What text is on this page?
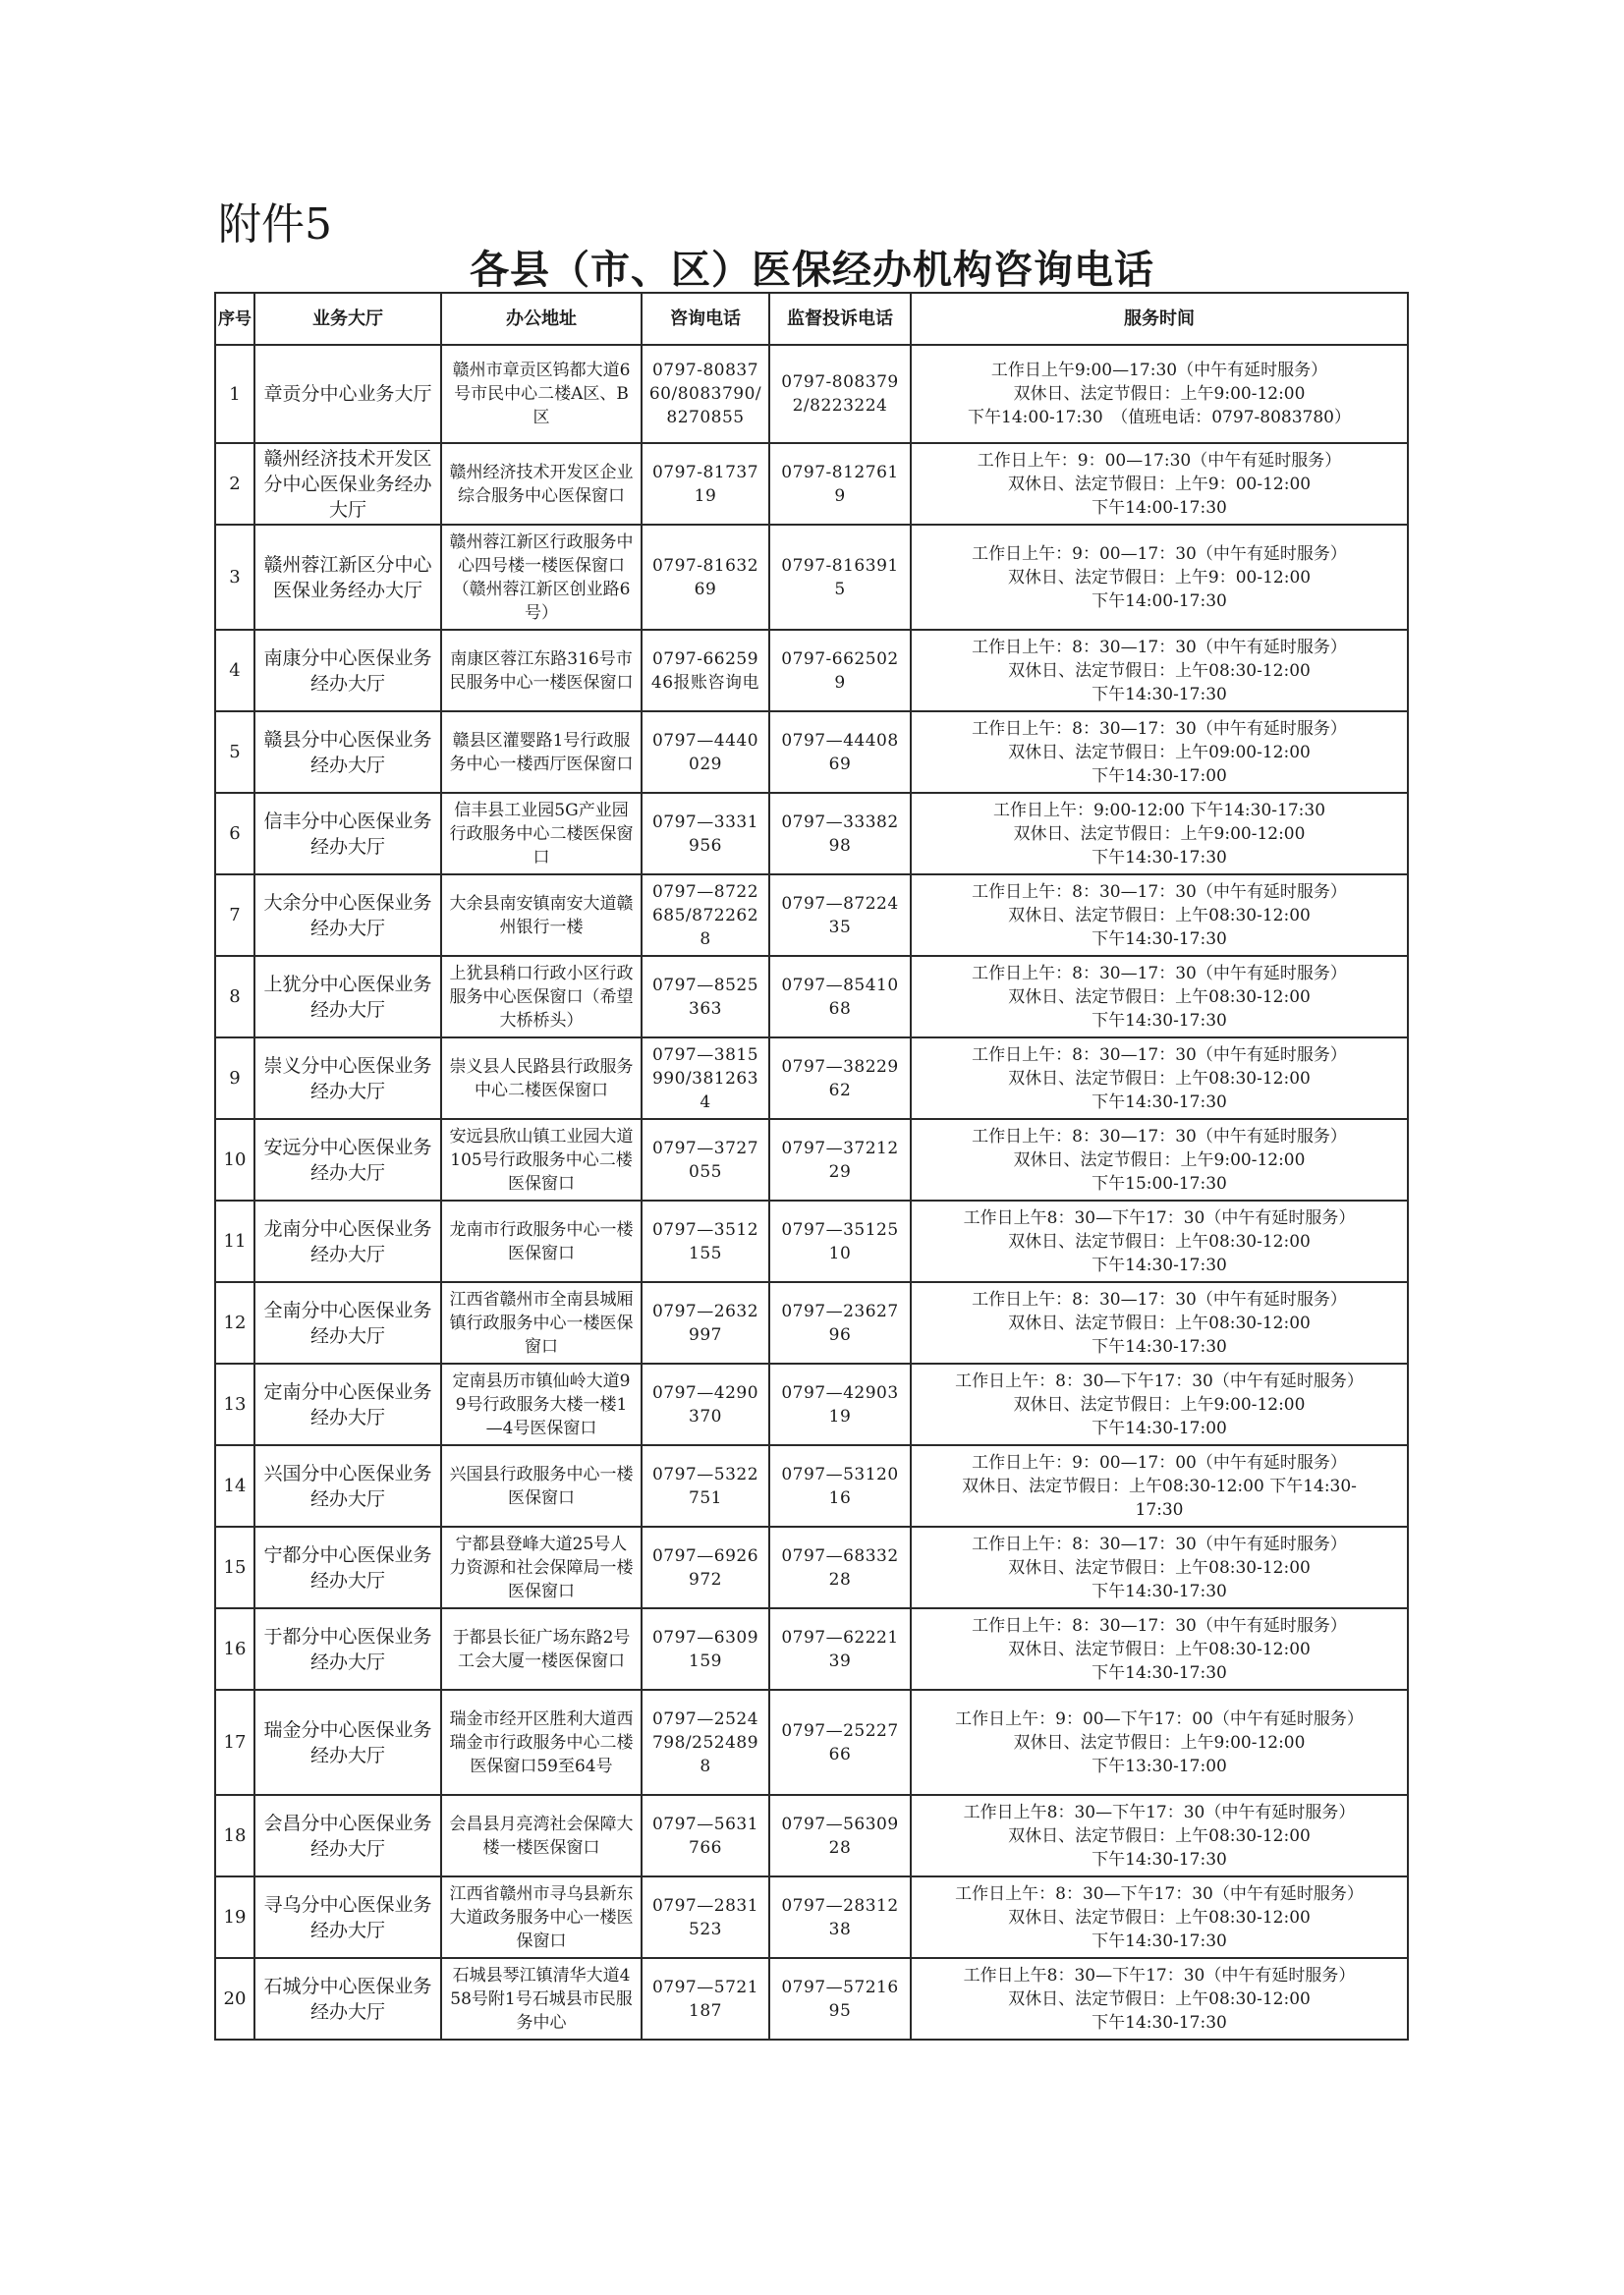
附件5
各县（市、区）医保经办机构咨询电话
序号	业务大厅	办公地址	咨询电话	监督投诉电话	服务时间
1	章贡分中心业务大厅	赣州市章贡区钨都大道6号市民中心二楼A区、B区	0797-8083760/8083790/8270855	0797-8083792/8223224	工作日上午9:00—17:30（中午有延时服务）
双休日、法定节假日：上午9:00-12:00
下午14:00-17:30　（值班电话：0797-8083780）

2	赣州经济技术开发区分中心医保业务经办大厅	赣州经济技术开发区企业综合服务中心医保窗口	0797-8173719	0797-8127619	工作日上午：9：00—17:30（中午有延时服务）
双休日、法定节假日：上午9：00-12:00
下午14:00-17:30

3	赣州蓉江新区分中心医保业务经办大厅	赣州蓉江新区行政服务中心四号楼一楼医保窗口（赣州蓉江新区创业路6号）	0797-8163269	0797-8163915	工作日上午：9：00—17：30（中午有延时服务）
双休日、法定节假日：上午9：00-12:00
下午14:00-17:30

4	南康分中心医保业务经办大厅	南康区蓉江东路316号市民服务中心一楼医保窗口	0797-6625946报账咨询电	0797-6625029	工作日上午：8：30—17：30（中午有延时服务）
双休日、法定节假日：上午08:30-12:00
下午14:30-17:30

5	赣县分中心医保业务经办大厅	赣县区灌婴路1号行政服务中心一楼西厅医保窗口	0797—4440029	0797—4440869	工作日上午：8：30—17：30（中午有延时服务）
双休日、法定节假日：上午09:00-12:00
下午14:30-17:00

6	信丰分中心医保业务经办大厅	信丰县工业园5G产业园行政服务中心二楼医保窗口	0797—3331956	0797—3338298	工作日上午：9:00-12:00 下午14:30-17:30
双休日、法定节假日：上午9:00-12:00
下午14:30-17:30

7	大余分中心医保业务经办大厅	大余县南安镇南安大道赣州银行一楼	0797—8722685/8722628	0797—8722435	工作日上午：8：30—17：30（中午有延时服务）
双休日、法定节假日：上午08:30-12:00
下午14:30-17:30

8	上犹分中心医保业务经办大厅	上犹县稍口行政小区行政服务中心医保窗口（希望大桥桥头）	0797—8525363	0797—8541068	工作日上午：8：30—17：30（中午有延时服务）
双休日、法定节假日：上午08:30-12:00
下午14:30-17:30

9	崇义分中心医保业务经办大厅	崇义县人民路县行政服务中心二楼医保窗口	0797—3815990/3812634	0797—3822962	工作日上午：8：30—17：30（中午有延时服务）
双休日、法定节假日：上午08:30-12:00
下午14:30-17:30

10	安远分中心医保业务经办大厅	安远县欣山镇工业园大道105号行政服务中心二楼医保窗口	0797—3727055	0797—3721229	工作日上午：8：30—17：30（中午有延时服务）
双休日、法定节假日：上午9:00-12:00
下午15:00-17:30

11	龙南分中心医保业务经办大厅	龙南市行政服务中心一楼医保窗口	0797—3512155	0797—3512510	工作日上午8：30—下午17：30（中午有延时服务）
双休日、法定节假日：上午08:30-12:00
下午14:30-17:30

12	全南分中心医保业务经办大厅	江西省赣州市全南县城厢镇行政服务中心一楼医保窗口	0797—2632997	0797—2362796	工作日上午：8：30—17：30（中午有延时服务）
双休日、法定节假日：上午08:30-12:00
下午14:30-17:30

13	定南分中心医保业务经办大厅	定南县历市镇仙岭大道99号行政服务大楼一楼1—4号医保窗口	0797—4290370	0797—4290319	工作日上午：8：30—下午17：30（中午有延时服务）
双休日、法定节假日：上午9:00-12:00
下午14:30-17:00

14	兴国分中心医保业务经办大厅	兴国县行政服务中心一楼医保窗口	0797—5322751	0797—5312016	工作日上午：9：00—17：00（中午有延时服务）
双休日、法定节假日：上午08:30-12:00 下午14:30-
17:30

15	宁都分中心医保业务经办大厅	宁都县登峰大道25号人力资源和社会保障局一楼医保窗口	0797—6926972	0797—6833228	工作日上午：8：30—17：30（中午有延时服务）
双休日、法定节假日：上午08:30-12:00
下午14:30-17:30

16	于都分中心医保业务经办大厅	于都县长征广场东路2号工会大厦一楼医保窗口	0797—6309159	0797—6222139	工作日上午：8：30—17：30（中午有延时服务）
双休日、法定节假日：上午08:30-12:00
下午14:30-17:30

17	瑞金分中心医保业务经办大厅	瑞金市经开区胜利大道西瑞金市行政服务中心二楼医保窗口59至64号	0797—2524798/2524898	0797—2522766	工作日上午：9：00—下午17：00（中午有延时服务）
双休日、法定节假日：上午9:00-12:00
下午13:30-17:00

18	会昌分中心医保业务经办大厅	会昌县月亮湾社会保障大楼一楼医保窗口	0797—5631766	0797—5630928	工作日上午8：30—下午17：30（中午有延时服务）
双休日、法定节假日：上午08:30-12:00
下午14:30-17:30

19	寻乌分中心医保业务经办大厅	江西省赣州市寻乌县新东大道政务服务中心一楼医保窗口	0797—2831523	0797—2831238	工作日上午：8：30—下午17：30（中午有延时服务）
双休日、法定节假日：上午08:30-12:00
下午14:30-17:30

20	石城分中心医保业务经办大厅	石城县琴江镇清华大道458号附1号石城县市民服务中心	0797—5721187	0797—5721695	工作日上午8：30—下午17：30（中午有延时服务）
双休日、法定节假日：上午08:30-12:00
下午14:30-17:30
